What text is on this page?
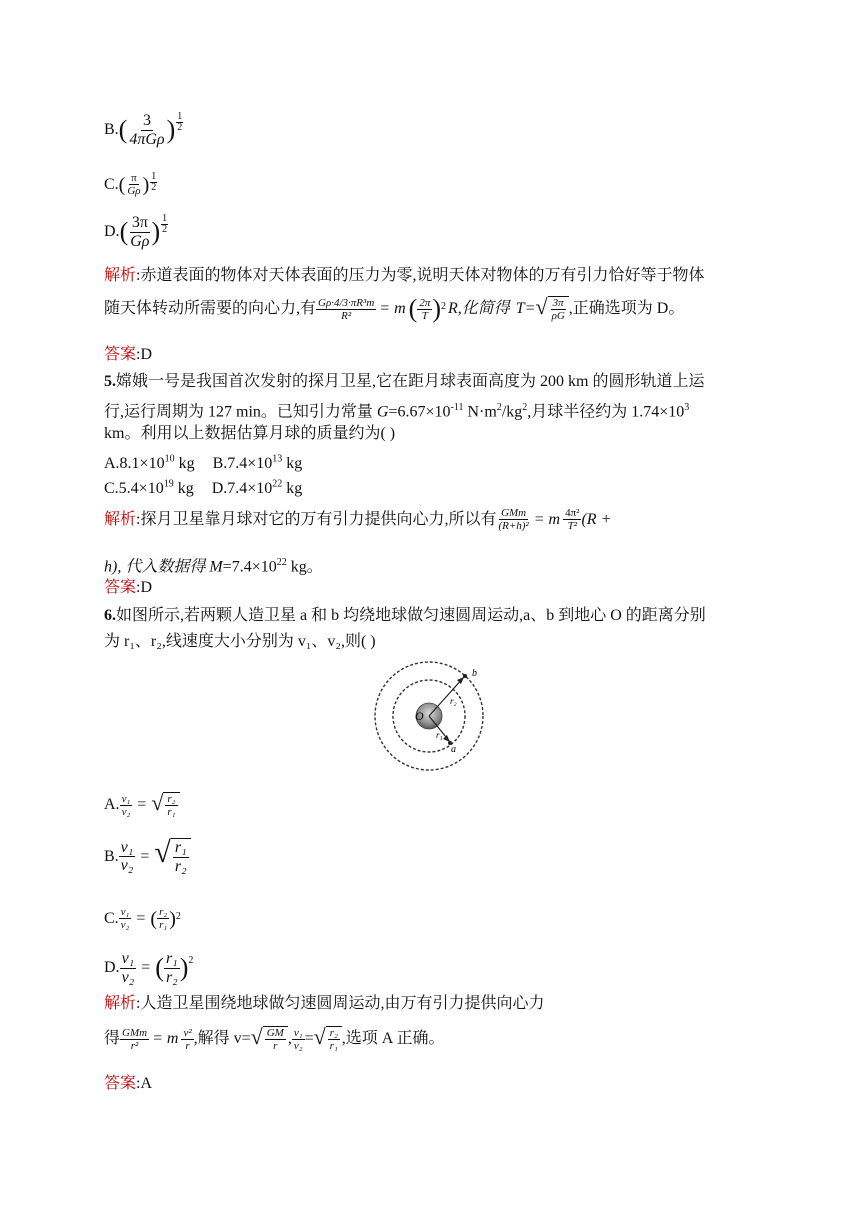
B. ( $\frac{3}{\text{4πGρ}}$ ) $\frac{1}{2}$
C. ( $\frac{\pi}{G\rho}$ ) $\frac{1}{2}$
D. ( $\frac{3\pi}{G\rho}$ ) $\frac{1}{2}$
解析:赤道表面的物体对天体表面的压力为零,说明天体对物体的万有引力恰好等于物体
随天体转动所需要的向心力,有 $\frac{\text{Gρ·4/3·πR³m}}{\text{R²}} = m$ ( $\frac{2\pi}{T}$ ) 2 R,化简得 T= √ $\frac{3\pi}{\rho G}$ ,正确选项为 D。
答案:D
5.嫦娥一号是我国首次发射的探月卫星,它在距月球表面高度为 200 km 的圆形轨道上运
行,运行周期为 127 min。已知引力常量 $G=6.67\times 10^{-11}$ $N\cdot m^2/kg^2$,月球半径约为 $1.74\times 10^3$
km。利用以上数据估算月球的质量约为( )
$A.8.1\times 10^{10}$ kg $B.7.4\times 10^{13}$ kg
$C.5.4\times 10^{19}$ kg $D.7.4\times 10^{22}$ kg
解析 :探月卫星靠月球对它的万有引力提供向心力,所以有 $\frac{\text{GMm}}{\text{(R+h)²}} = m \frac{\text{4π²}}{\text{T²}} (R$ +
h), 代入数据得 $M=7.4\times 10^{22}$ kg。
答案:D
6.如图所示,若两颗人造卫星 a 和 b 均绕地球做匀速圆周运动,a、b 到地心 O 的距离分别
为 r₁、r₂,线速度大小分别为 v₁、v₂,则( )
O
b
a
r₂
r₁
A. $\frac{\text{v₁}}{\text{v₂}}$ = √ $\frac{\text{r₂}}{\text{r₁}}$
B. $\frac{\text{v₁}}{\text{v₂}}$ = √ $\frac{\text{r₁}}{\text{r₂}}$
C. $\frac{\text{v₁}}{\text{v₂}}$ = ( $\frac{\text{r₂}}{\text{r₁}}$ ) 2
D. $\frac{\text{v₁}}{\text{v₂}}$ = ( $\frac{\text{r₁}}{\text{r₂}}$ ) 2
解析:人造卫星围绕地球做匀速圆周运动,由万有引力提供向心力
得 $\frac{\text{GMm}}{\text{r²}} = m \frac{\text{v²}}{r}$ ,解得 v= √ $\frac{GM}{r}$ , $\frac{\text{v₁}}{\text{v₂}}$ = √ $\frac{\text{r₂}}{\text{r₁}}$ ,选项 A 正确。
答案:A
